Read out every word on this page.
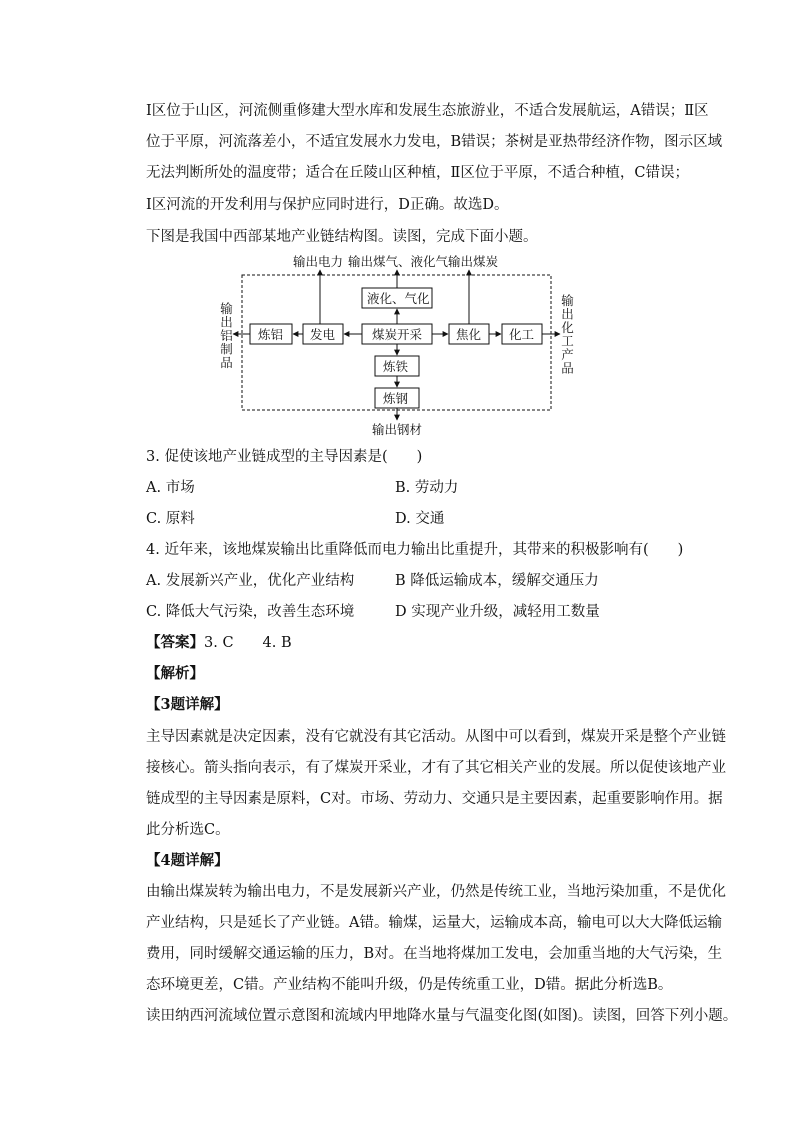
Ⅰ区位于山区，河流侧重修建大型水库和发展生态旅游业，不适合发展航运，A错误；Ⅱ区
位于平原，河流落差小，不适宜发展水力发电，B错误；茶树是亚热带经济作物，图示区域
无法判断所处的温度带；适合在丘陵山区种植，Ⅱ区位于平原，不适合种植，C错误；
Ⅰ区河流的开发利用与保护应同时进行，D正确。故选D。
下图是我国中西部某地产业链结构图。读图，完成下面小题。
输出电力 输出煤气、液化气 输出煤炭
输出铝制品	输出化工产品
输出钢材
液化、气化
炼铝 发电	煤炭开采	焦化 化工
炼铁
炼钢
3. 促使该地产业链成型的主导因素是(　　)
A. 市场	B. 劳动力
C. 原料	D. 交通
4. 近年来，该地煤炭输出比重降低而电力输出比重提升，其带来的积极影响有(　　)
A. 发展新兴产业，优化产业结构	B 降低运输成本，缓解交通压力
C. 降低大气污染，改善生态环境	D 实现产业升级，减轻用工数量
【答案】3. C　　4. B
【解析】
【3题详解】
主导因素就是决定因素，没有它就没有其它活动。从图中可以看到，煤炭开采是整个产业链
接核心。箭头指向表示，有了煤炭开采业，才有了其它相关产业的发展。所以促使该地产业
链成型的主导因素是原料，C对。市场、劳动力、交通只是主要因素，起重要影响作用。据
此分析选C。
【4题详解】
由输出煤炭转为输出电力，不是发展新兴产业，仍然是传统工业，当地污染加重，不是优化
产业结构，只是延长了产业链。A错。输煤，运量大，运输成本高，输电可以大大降低运输
费用，同时缓解交通运输的压力，B对。在当地将煤加工发电，会加重当地的大气污染，生
态环境更差，C错。产业结构不能叫升级，仍是传统重工业，D错。据此分析选B。
读田纳西河流域位置示意图和流域内甲地降水量与气温变化图(如图)。读图，回答下列小题。
